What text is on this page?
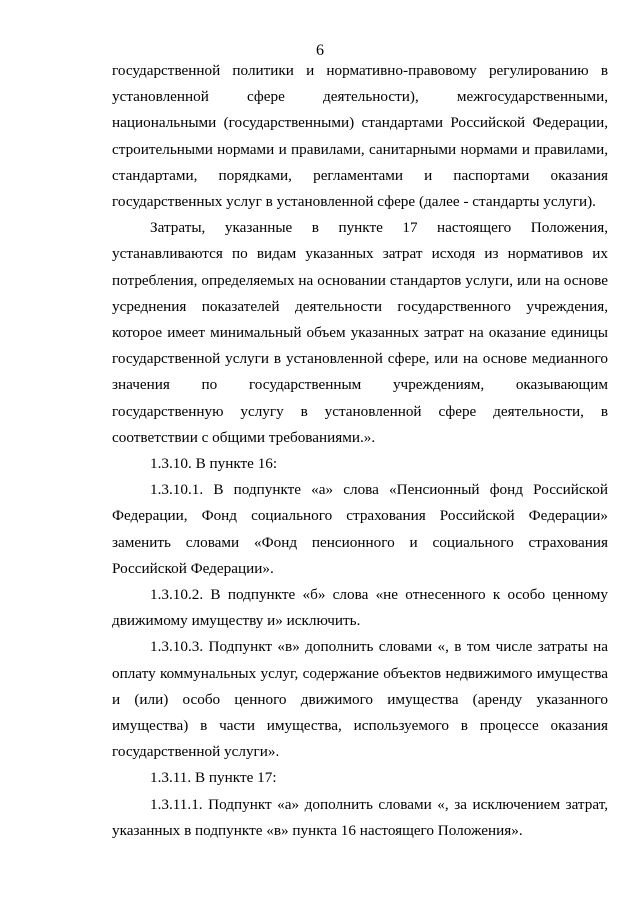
6

государственной политики и нормативно-правовому регулированию в установленной сфере деятельности), межгосударственными, национальными (государственными) стандартами Российской Федерации, строительными нормами и правилами, санитарными нормами и правилами, стандартами, порядками, регламентами и паспортами оказания государственных услуг в установленной сфере (далее - стандарты услуги).

Затраты, указанные в пункте 17 настоящего Положения, устанавливаются по видам указанных затрат исходя из нормативов их потребления, определяемых на основании стандартов услуги, или на основе усреднения показателей деятельности государственного учреждения, которое имеет минимальный объем указанных затрат на оказание единицы государственной услуги в установленной сфере, или на основе медианного значения по государственным учреждениям, оказывающим государственную услугу в установленной сфере деятельности, в соответствии с общими требованиями.».

1.3.10. В пункте 16:

1.3.10.1. В подпункте «а» слова «Пенсионный фонд Российской Федерации, Фонд социального страхования Российской Федерации» заменить словами «Фонд пенсионного и социального страхования Российской Федерации».

1.3.10.2. В подпункте «б» слова «не отнесенного к особо ценному движимому имуществу и» исключить.

1.3.10.3. Подпункт «в» дополнить словами «, в том числе затраты на оплату коммунальных услуг, содержание объектов недвижимого имущества и (или) особо ценного движимого имущества (аренду указанного имущества) в части имущества, используемого в процессе оказания государственной услуги».

1.3.11. В пункте 17:

1.3.11.1. Подпункт «а» дополнить словами «, за исключением затрат, указанных в подпункте «в» пункта 16 настоящего Положения».
